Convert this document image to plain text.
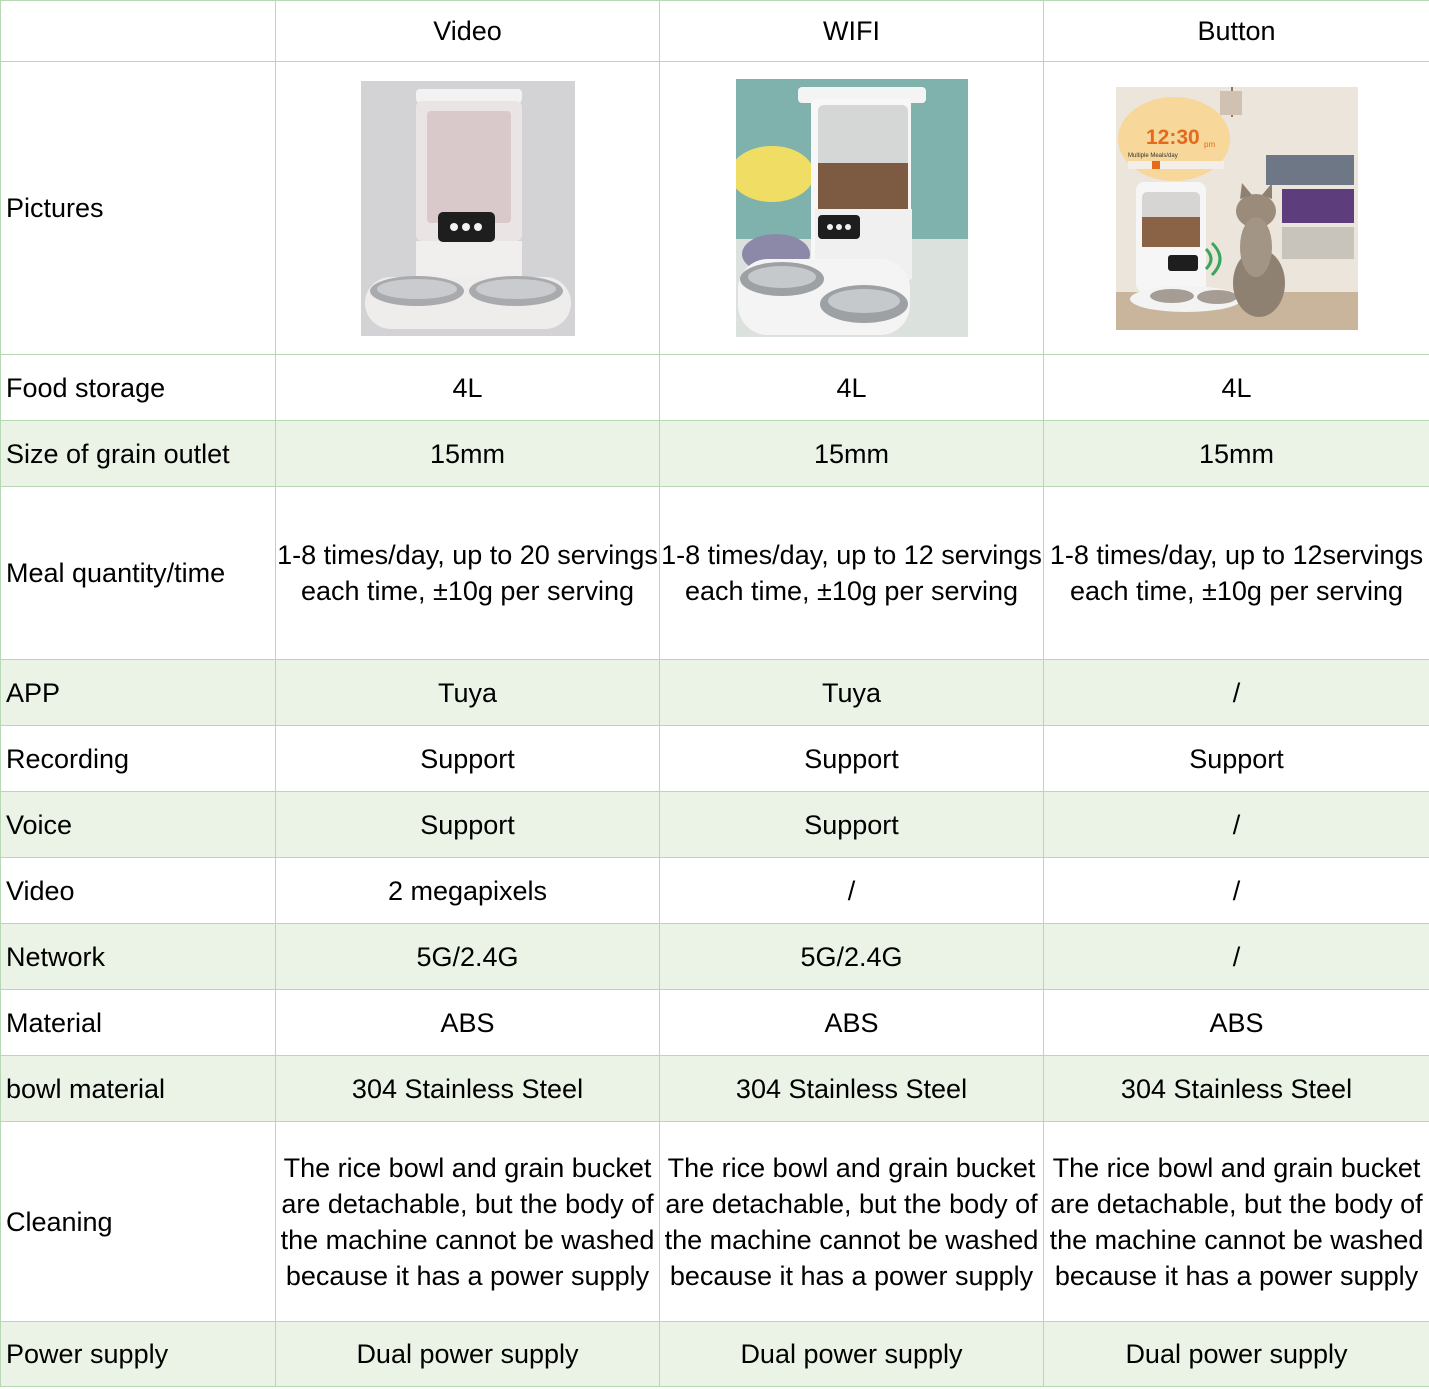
	Video	WIFI	Button
Pictures			12:30 pm
Multiple Meals/day

Food storage	4L	4L	4L
Size of grain outlet	15mm	15mm	15mm
Meal quantity/time	1-8 times/day, up to 20 servings each time, ±10g per serving	1-8 times/day, up to 12 servings each time, ±10g per serving	1-8 times/day, up to 12servings each time, ±10g per serving
APP	Tuya	Tuya	/
Recording	Support	Support	Support
Voice	Support	Support	/
Video	2 megapixels	/	/
Network	5G/2.4G	5G/2.4G	/
Material	ABS	ABS	ABS
bowl material	304 Stainless Steel	304 Stainless Steel	304 Stainless Steel
Cleaning	The rice bowl and grain bucket are detachable, but the body of the machine cannot be washed because it has a power supply	The rice bowl and grain bucket are detachable, but the body of the machine cannot be washed because it has a power supply	The rice bowl and grain bucket are detachable, but the body of the machine cannot be washed because it has a power supply
Power supply	Dual power supply	Dual power supply	Dual power supply
